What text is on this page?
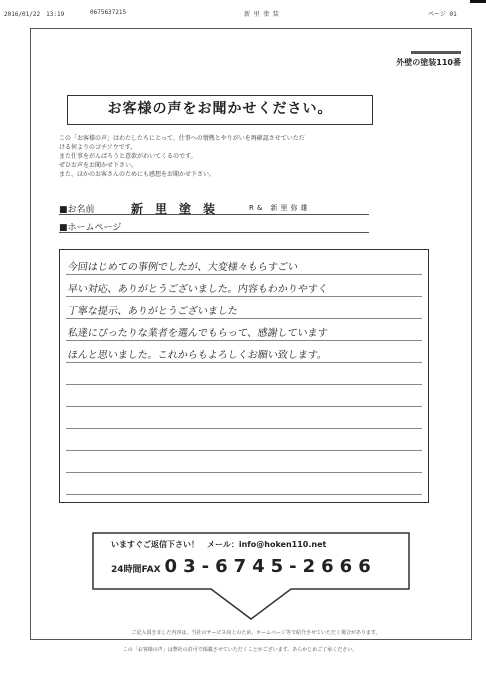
2016/01/22　13:19	0675637215	新 里 塗 装	ページ 01
外壁の塗装110番
お客様の声をお聞かせください。
この「お客様の声」はわたしたちにとって、仕事への情熱とやりがいを再確認させていただ
ける何よりのゴチソウです。
また仕事をがんばろうと意欲がわいてくるのです。
ぜひお声をお聞かせ下さい。
また、ほかのお客さんのためにも感想をお聞かせ下さい。
■お名前	新里塗装	R& 新里弥雄
■ホームページ
今回はじめての事例でしたが、大変様々もらすごい
早い対応、ありがとうございました。内容もわかりやすく
丁寧な提示、ありがとうございました
私達にぴったりな業者を選んでもらって、感謝しています
ほんと思いました。これからもよろしくお願い致します。
いますぐご返信下さい！　メール：info@hoken110.net
24時間FAX 03-6745-2666
ご記入頂きました内容は、当社のサービス向上のため、ホームページ等で紹介させていただく場合があります。
この「お客様の声」は弊社の許可で掲載させていただくことがございます。あらかじめご了承ください。
